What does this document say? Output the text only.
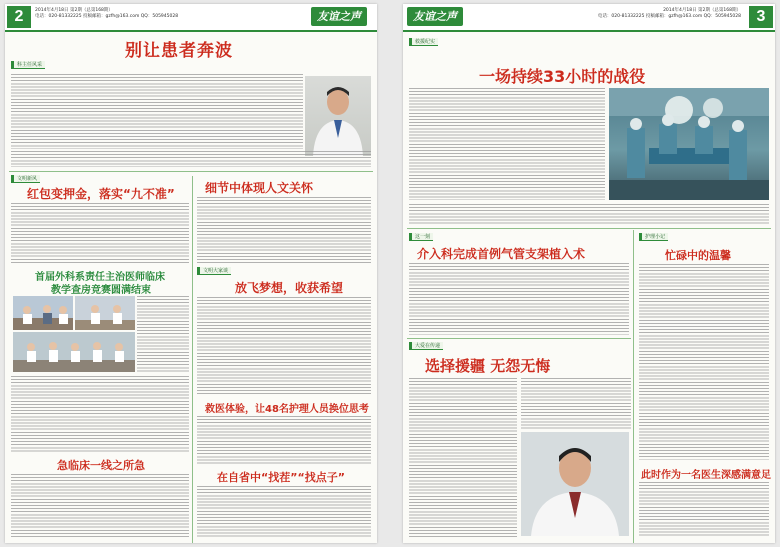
2	2014年4月18日 第2期（总第168期）
电话：020-81332225 投稿邮箱：gzfh@163.com QQ：505945028	友谊之声
科主任风采
别让患者奔波
文明新风
红包变押金，落实“九不准”	细节中体现人文关怀
首届外科系责任主治医师临床
教学查房竞赛圆满结束
急临床一线之所急
文明大家谈
放飞梦想，收获希望
救医体验，让48名护理人员换位思考
在自省中“找茬”“找点子”
友谊之声	2014年4月18日 第2期（总第168期）
电话：020-81332225 投稿邮箱：gzfh@163.com QQ：505945028 3
救援纪实
一场持续33小时的战役
这一刻
介入科完成首例气管支架植入术
护理小记
忙碌中的温馨
大爱在传递
选择援疆 无怨无悔
此时作为一名医生深感满意足
